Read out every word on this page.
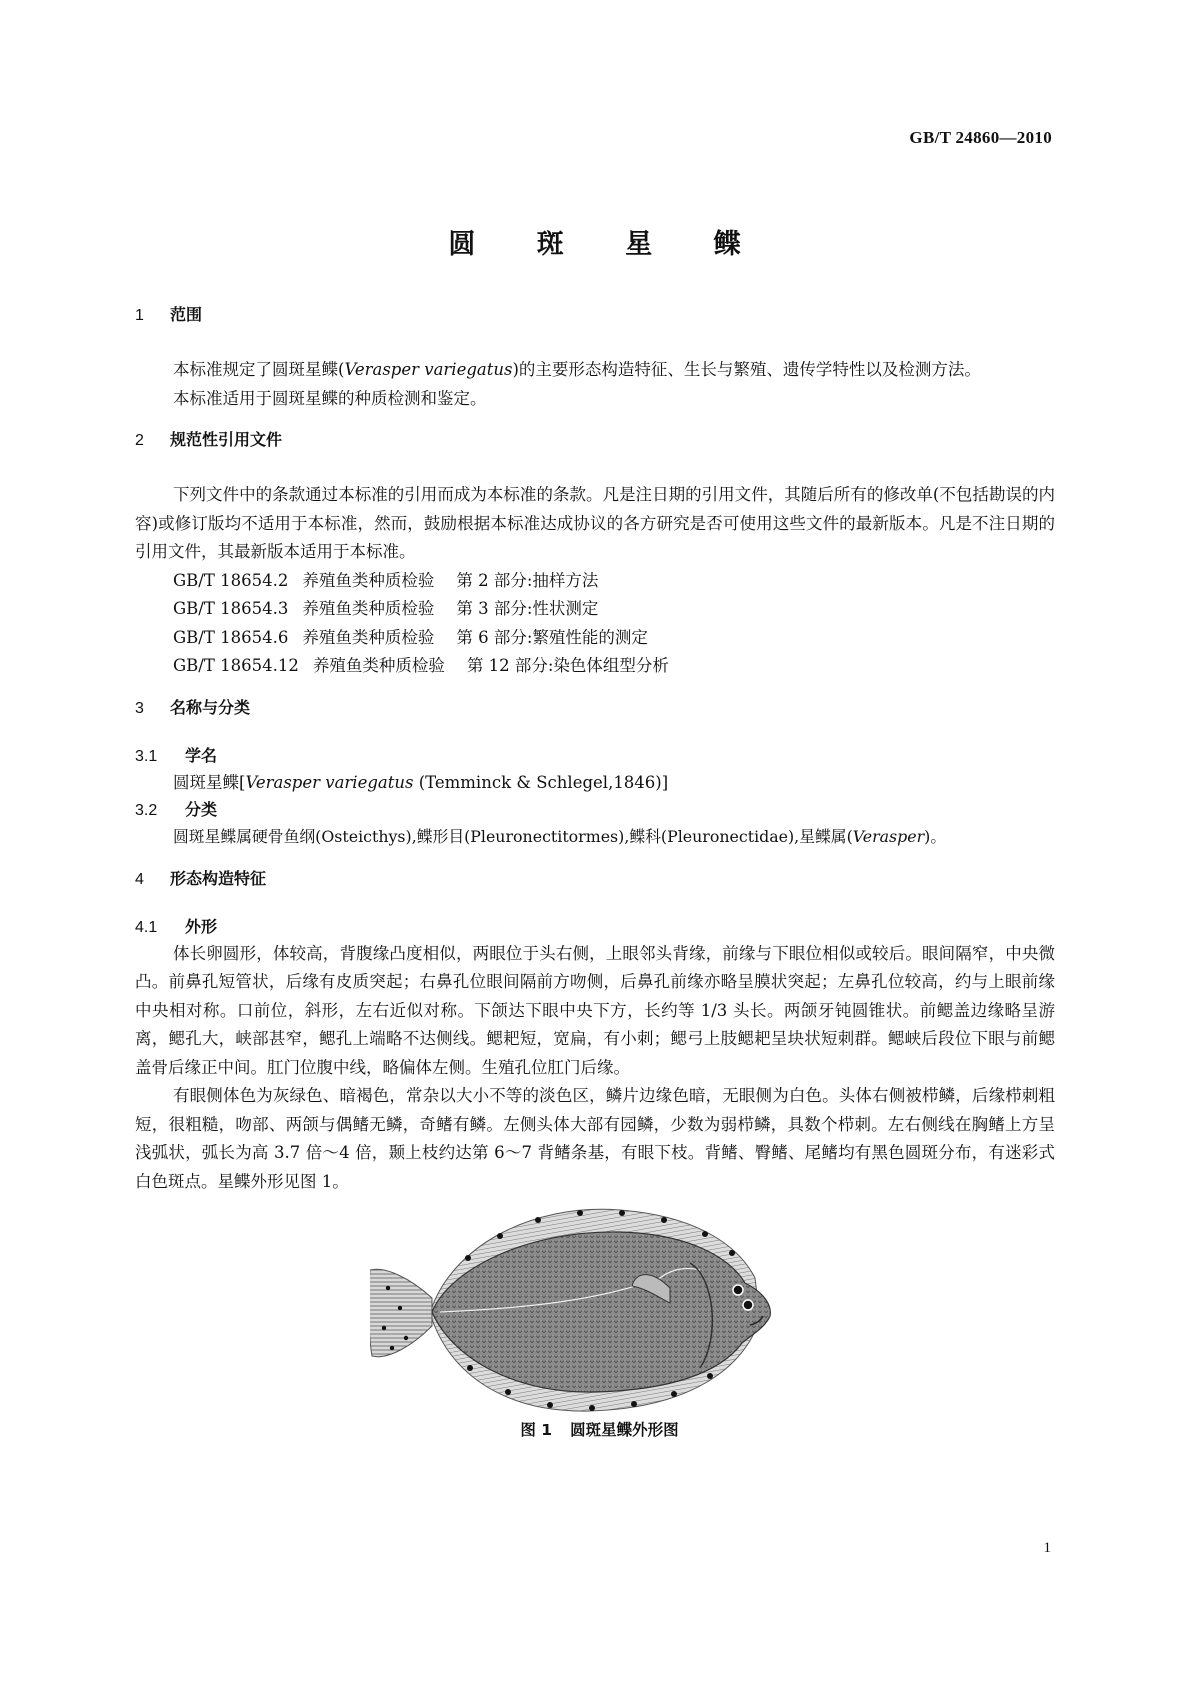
GB/T 24860—2010
圆 斑 星 鲽
1 范围

本标准规定了圆斑星鲽(Verasper variegatus)的主要形态构造特征、生长与繁殖、遗传学特性以及检测方法。

本标准适用于圆斑星鲽的种质检测和鉴定。

2 规范性引用文件

下列文件中的条款通过本标准的引用而成为本标准的条款。凡是注日期的引用文件，其随后所有的修改单(不包括勘误的内容)或修订版均不适用于本标准，然而，鼓励根据本标准达成协议的各方研究是否可使用这些文件的最新版本。凡是不注日期的引用文件，其最新版本适用于本标准。

GB/T 18654.2 养殖鱼类种质检验 第 2 部分:抽样方法
GB/T 18654.3 养殖鱼类种质检验 第 3 部分:性状测定
GB/T 18654.6 养殖鱼类种质检验 第 6 部分:繁殖性能的测定
GB/T 18654.12 养殖鱼类种质检验 第 12 部分:染色体组型分析
3 名称与分类
3.1 学名
圆斑星鲽[Verasper variegatus (Temminck & Schlegel,1846)]
3.2 分类
圆斑星鲽属硬骨鱼纲(Osteicthys),鲽形目(Pleuronectitormes),鲽科(Pleuronectidae),星鲽属(Verasper)。
4 形态构造特征
4.1 外形

体长卵圆形，体较高，背腹缘凸度相似，两眼位于头右侧，上眼邻头背缘，前缘与下眼位相似或较后。眼间隔窄，中央微凸。前鼻孔短管状，后缘有皮质突起；右鼻孔位眼间隔前方吻侧，后鼻孔前缘亦略呈膜状突起；左鼻孔位较高，约与上眼前缘中央相对称。口前位，斜形，左右近似对称。下颌达下眼中央下方，长约等 1/3 头长。两颌牙钝圆锥状。前鳃盖边缘略呈游离，鳃孔大，峡部甚窄，鳃孔上端略不达侧线。鳃耙短，宽扁，有小刺；鳃弓上肢鳃耙呈块状短刺群。鳃峡后段位下眼与前鳃盖骨后缘正中间。肛门位腹中线，略偏体左侧。生殖孔位肛门后缘。

有眼侧体色为灰绿色、暗褐色，常杂以大小不等的淡色区，鳞片边缘色暗，无眼侧为白色。头体右侧被栉鳞，后缘栉刺粗短，很粗糙，吻部、两颌与偶鳍无鳞，奇鳍有鳞。左侧头体大部有园鳞，少数为弱栉鳞，具数个栉刺。左右侧线在胸鳍上方呈浅弧状，弧长为高 3.7 倍～4 倍，颞上枝约达第 6～7 背鳍条基，有眼下枝。背鳍、臀鳍、尾鳍均有黑色圆斑分布，有迷彩式白色斑点。星鲽外形见图 1。

图 1 圆斑星鲽外形图
1
